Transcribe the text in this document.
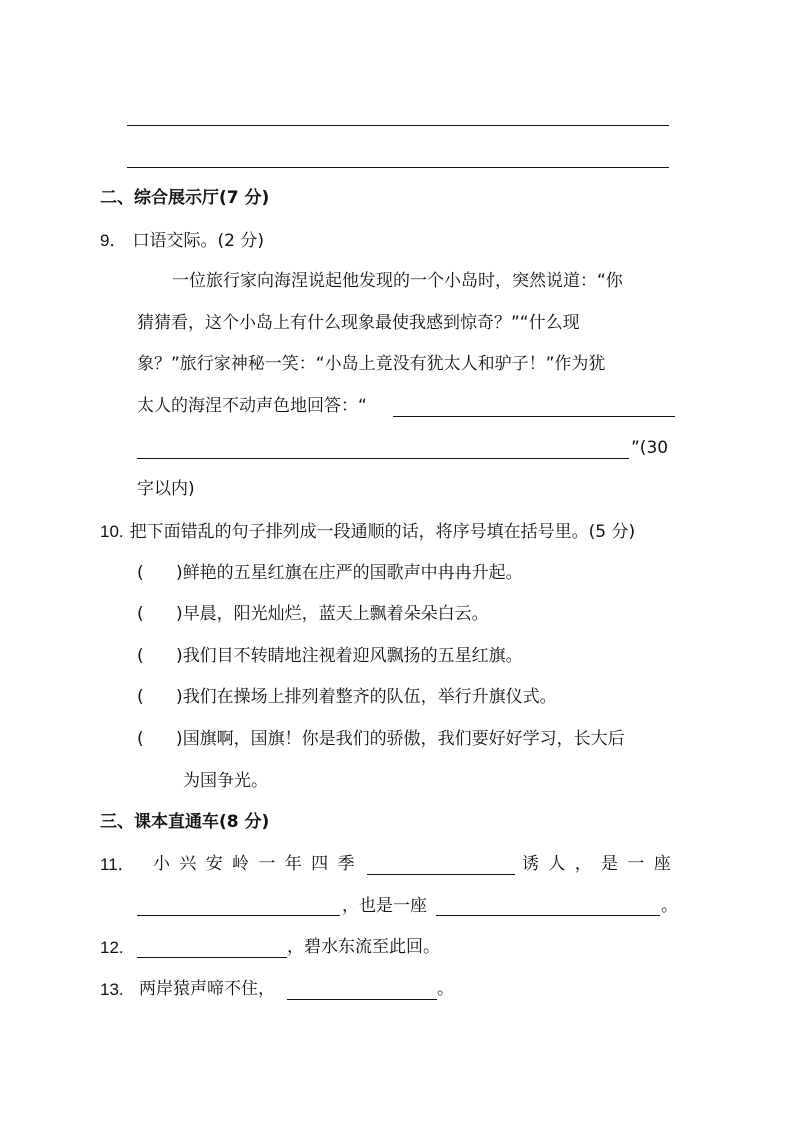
二、综合展示厅(7 分)
9． 口语交际。(2 分)
一位旅行家向海涅说起他发现的一个小岛时，突然说道：“你
猜猜看，这个小岛上有什么现象最使我感到惊奇？”“什么现
象？”旅行家神秘一笑：“小岛上竟没有犹太人和驴子！”作为犹
太人的海涅不动声色地回答：“
”(30
字以内)
10. 把下面错乱的句子排列成一段通顺的话，将序号填在括号里。(5 分)
(      )鲜艳的五星红旗在庄严的国歌声中冉冉升起。
(      )早晨，阳光灿烂，蓝天上飘着朵朵白云。
(      )我们目不转睛地注视着迎风飘扬的五星红旗。
(      )我们在操场上排列着整齐的队伍，举行升旗仪式。
(      )国旗啊，国旗！你是我们的骄傲，我们要好好学习，长大后
为国争光。
三、课本直通车(8 分)
11． 小兴安岭一年四季	诱人， 是一座
，也是一座	。
12.	，碧水东流至此回。
13. 两岸猿声啼不住，	。
